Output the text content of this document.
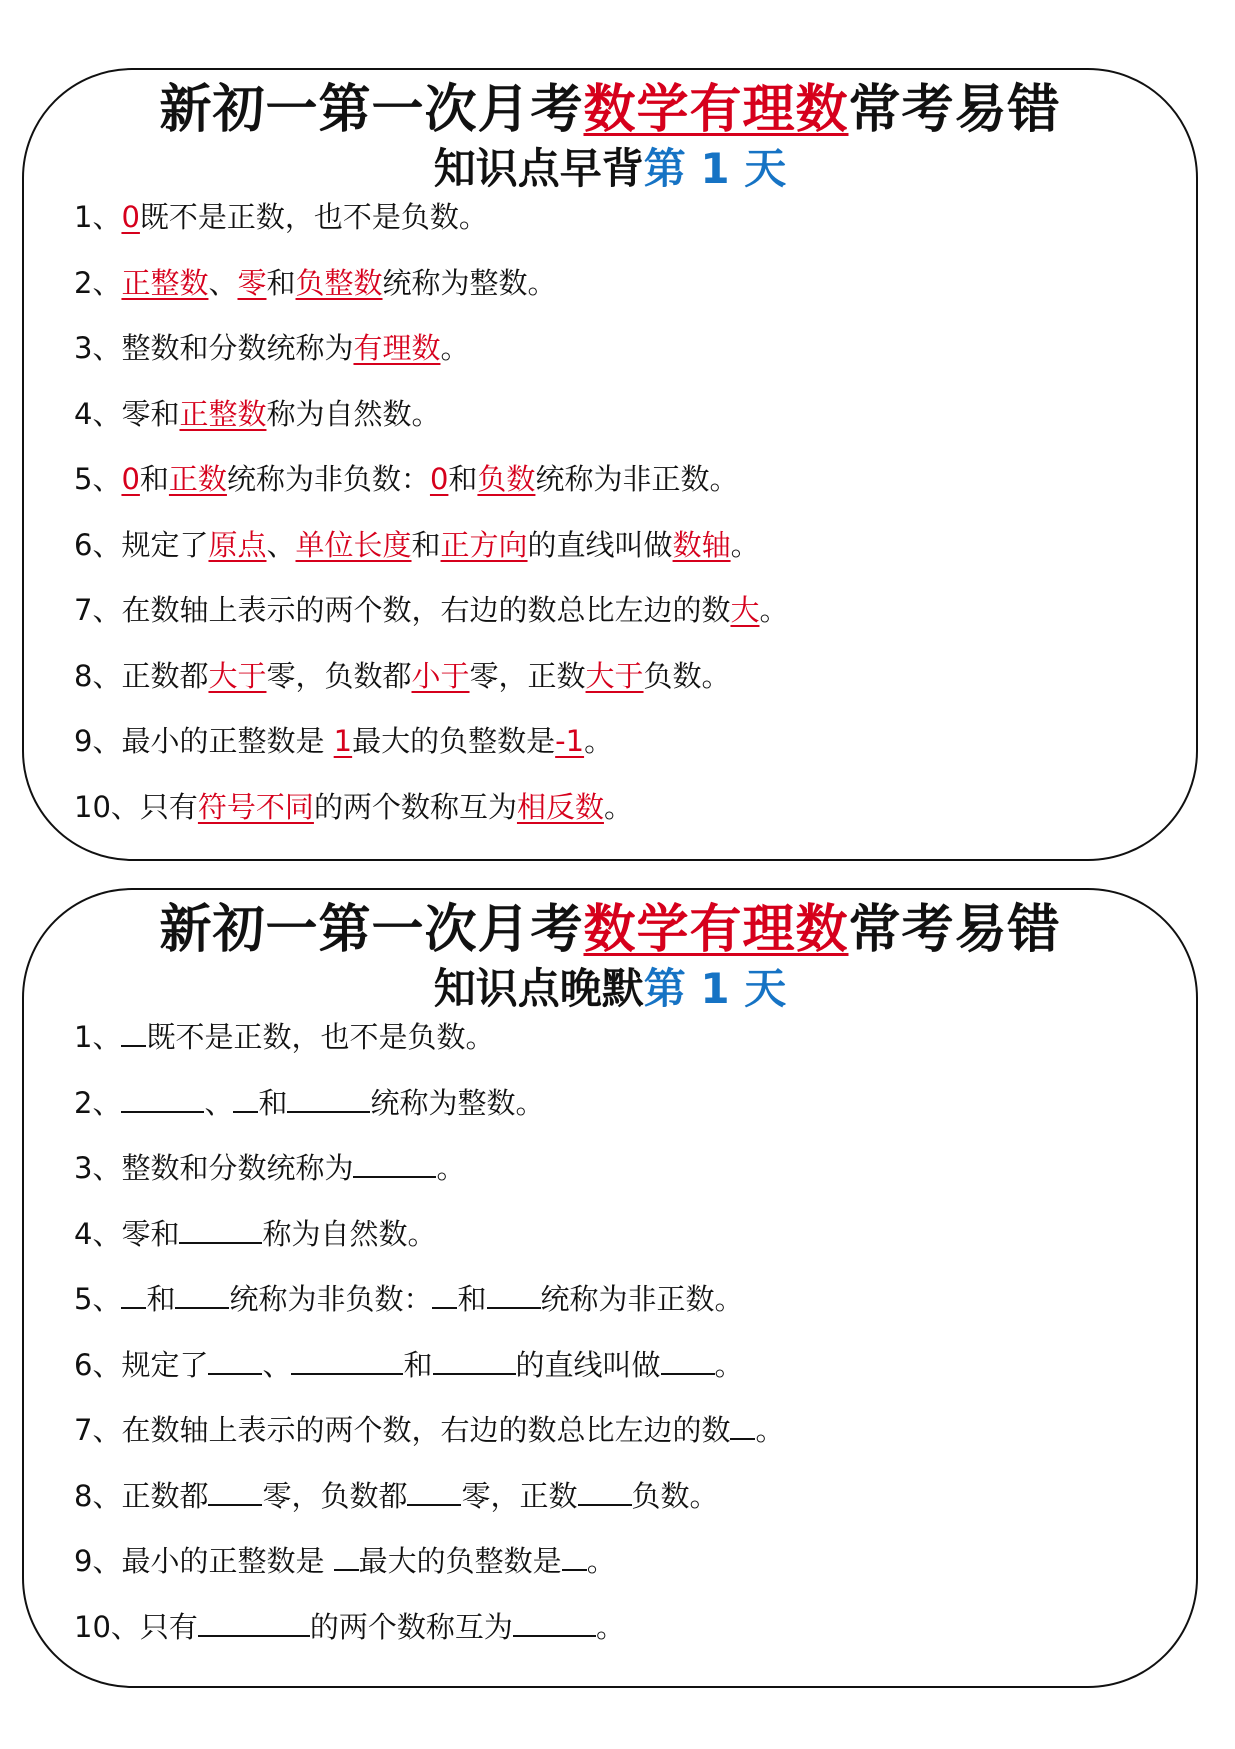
新初一第一次月考数学有理数常考易错
知识点早背第 1 天
1、0既不是正数，也不是负数。
2、正整数、零和负整数统称为整数。
3、整数和分数统称为有理数。
4、零和正整数称为自然数。
5、0和正数统称为非负数：0和负数统称为非正数。
6、规定了原点、单位长度和正方向的直线叫做数轴。
7、在数轴上表示的两个数，右边的数总比左边的数大。
8、正数都大于零，负数都小于零，正数大于负数。
9、最小的正整数是 1最大的负整数是-1。
10、只有符号不同的两个数称互为相反数。
新初一第一次月考数学有理数常考易错
知识点晚默第 1 天
1、 既不是正数，也不是负数。
2、	、 和	统称为整数。
3、整数和分数统称为	。
4、零和	称为自然数。
5、 和 统称为非负数： 和 统称为非正数。
6、规定了 、	和	的直线叫做 。
7、在数轴上表示的两个数，右边的数总比左边的数 。
8、正数都 零，负数都 零，正数 负数。
9、最小的正整数是 最大的负整数是 。
10、只有	的两个数称互为	。
